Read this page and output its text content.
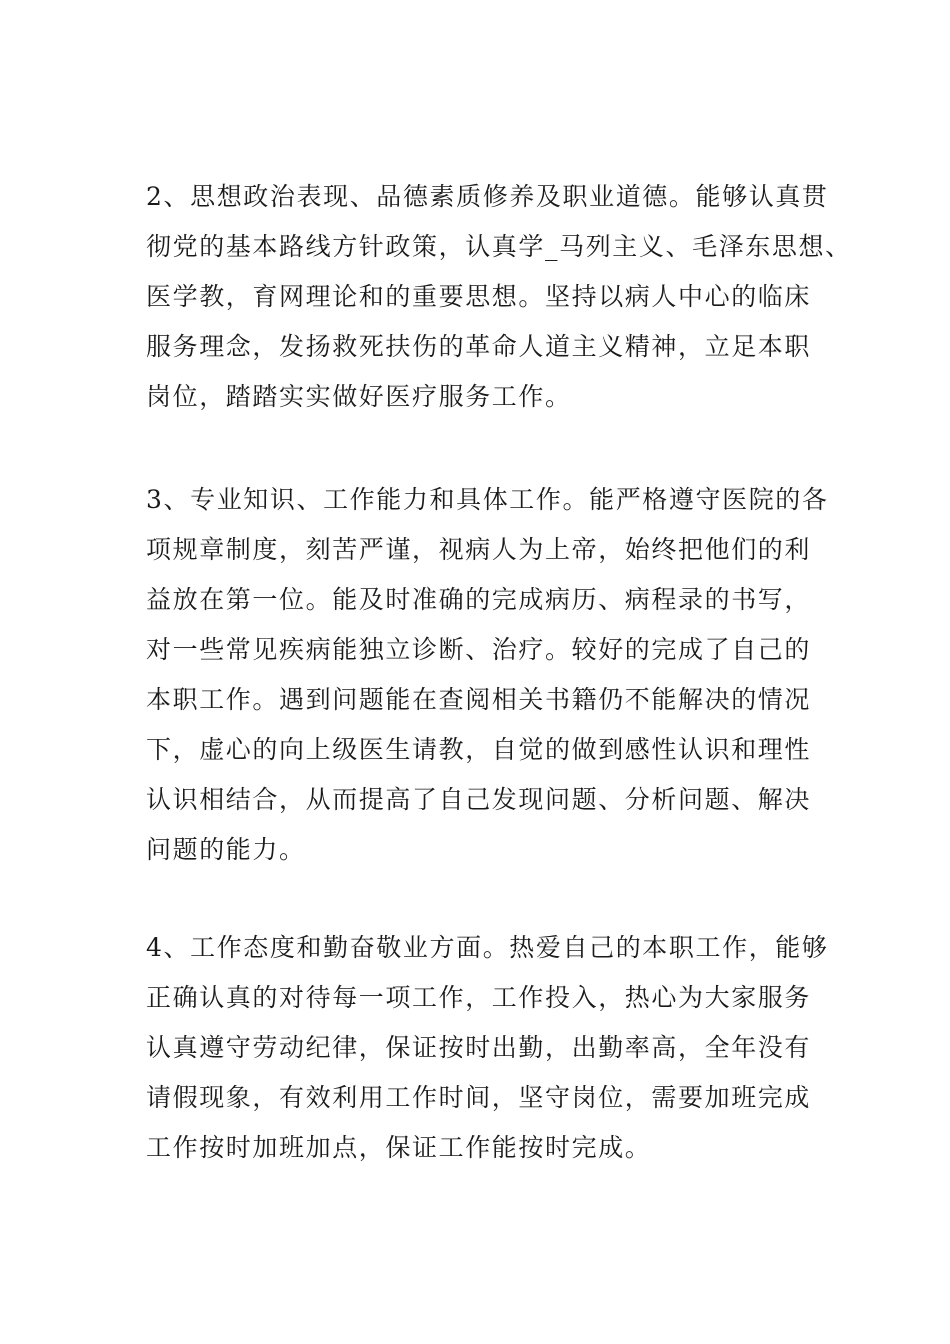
2、思想政治表现、品德素质修养及职业道德。能够认真贯
彻党的基本路线方针政策，认真学_马列主义、毛泽东思想、
医学教，育网理论和的重要思想。坚持以病人中心的临床
服务理念，发扬救死扶伤的革命人道主义精神，立足本职
岗位，踏踏实实做好医疗服务工作。

3、专业知识、工作能力和具体工作。能严格遵守医院的各
项规章制度，刻苦严谨，视病人为上帝，始终把他们的利
益放在第一位。能及时准确的完成病历、病程录的书写，
对一些常见疾病能独立诊断、治疗。较好的完成了自己的
本职工作。遇到问题能在查阅相关书籍仍不能解决的情况
下，虚心的向上级医生请教，自觉的做到感性认识和理性
认识相结合，从而提高了自己发现问题、分析问题、解决
问题的能力。

4、工作态度和勤奋敬业方面。热爱自己的本职工作，能够
正确认真的对待每一项工作，工作投入，热心为大家服务
认真遵守劳动纪律，保证按时出勤，出勤率高，全年没有
请假现象，有效利用工作时间，坚守岗位，需要加班完成
工作按时加班加点，保证工作能按时完成。
